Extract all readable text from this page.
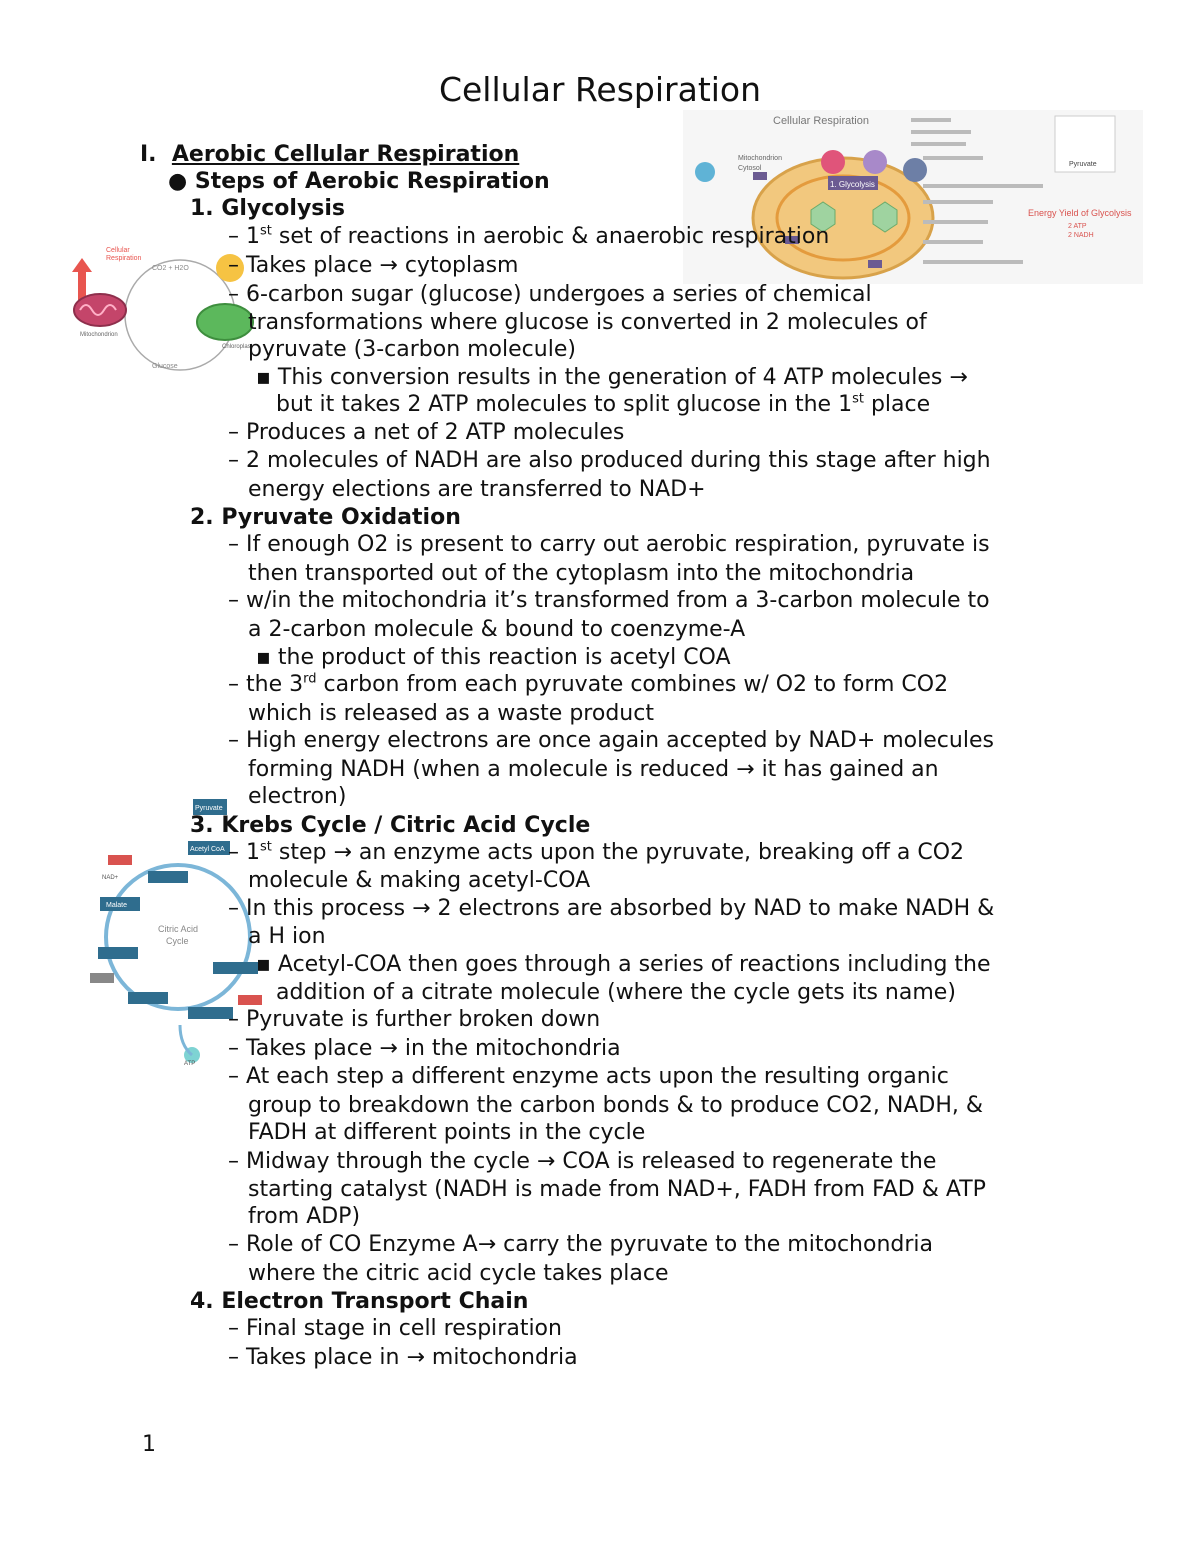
Cellular Respiration
Cellular Respiration
1. Glycolysis
Mitochondrion
Cytosol
Energy Yield of Glycolysis
2 ATP
2 NADH
Pyruvate
Cellular
Respiration
CO2 + H2O
Glucose
Mitochondrion
Chloroplast
Citric Acid
Cycle
Pyruvate
Acetyl CoA
Malate
NAD+
ATP
I. Aerobic Cellular Respiration
● Steps of Aerobic Respiration
1. Glycolysis
– 1st set of reactions in aerobic & anaerobic respiration
– Takes place → cytoplasm
– 6-carbon sugar (glucose) undergoes a series of chemical
transformations where glucose is converted in 2 molecules of
pyruvate (3-carbon molecule)
▪ This conversion results in the generation of 4 ATP molecules →
but it takes 2 ATP molecules to split glucose in the 1st place
– Produces a net of 2 ATP molecules
– 2 molecules of NADH are also produced during this stage after high
energy elections are transferred to NAD+
2. Pyruvate Oxidation
– If enough O2 is present to carry out aerobic respiration, pyruvate is
then transported out of the cytoplasm into the mitochondria
– w/in the mitochondria it’s transformed from a 3-carbon molecule to
a 2-carbon molecule & bound to coenzyme-A
▪ the product of this reaction is acetyl COA
– the 3rd carbon from each pyruvate combines w/ O2 to form CO2
which is released as a waste product
– High energy electrons are once again accepted by NAD+ molecules
forming NADH (when a molecule is reduced → it has gained an
electron)
3. Krebs Cycle / Citric Acid Cycle
– 1st step → an enzyme acts upon the pyruvate, breaking off a CO2
molecule & making acetyl-COA
– In this process → 2 electrons are absorbed by NAD to make NADH &
a H ion
▪ Acetyl-COA then goes through a series of reactions including the
addition of a citrate molecule (where the cycle gets its name)
– Pyruvate is further broken down
– Takes place → in the mitochondria
– At each step a different enzyme acts upon the resulting organic
group to breakdown the carbon bonds & to produce CO2, NADH, &
FADH at different points in the cycle
– Midway through the cycle → COA is released to regenerate the
starting catalyst (NADH is made from NAD+, FADH from FAD & ATP
from ADP)
– Role of CO Enzyme A→ carry the pyruvate to the mitochondria
where the citric acid cycle takes place
4. Electron Transport Chain
– Final stage in cell respiration
– Takes place in → mitochondria
1
